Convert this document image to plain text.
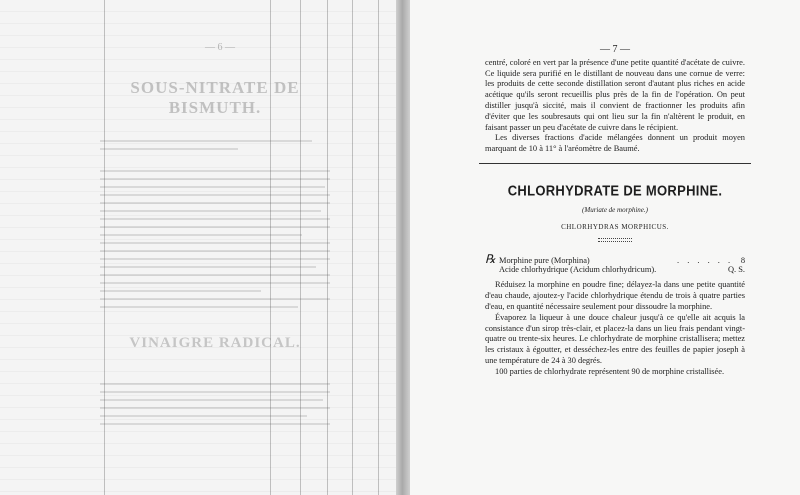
— 6 —
SOUS-NITRATE DE BISMUTH.
VINAIGRE RADICAL.
— 7 —

centré, coloré en vert par la présence d'une petite quantité d'acétate de cuivre. Ce liquide sera purifié en le distillant de nouveau dans une cornue de verre: les produits de cette seconde distillation seront d'autant plus riches en acide acétique qu'ils seront recueillis plus près de la fin de l'opération. On peut distiller jusqu'à siccité, mais il convient de fractionner les produits afin d'éviter que les soubresauts qui ont lieu sur la fin n'altèrent le produit, en faisant passer un peu d'acétate de cuivre dans le récipient.

Les diverses fractions d'acide mélangées donnent un produit moyen marquant de 10 à 11° à l'aréomètre de Baumé.

CHLORHYDRATE DE MORPHINE.
(Muriate de morphine.)
CHLORHYDRAS MORPHICUS.
℞ Morphine pure (Morphina)	. . . . . . 8
Acide chlorhydrique (Acidum chlorhydricum).	Q. S.

Réduisez la morphine en poudre fine; délayez-la dans une petite quantité d'eau chaude, ajoutez-y l'acide chlorhydrique étendu de trois à quatre parties d'eau, en quantité nécessaire seulement pour dissoudre la morphine.

Évaporez la liqueur à une douce chaleur jusqu'à ce qu'elle ait acquis la consistance d'un sirop très-clair, et placez-la dans un lieu frais pendant vingt-quatre ou trente-six heures. Le chlorhydrate de morphine cristallisera; mettez les cristaux à égoutter, et desséchez-les entre des feuilles de papier joseph à une température de 24 à 30 degrés.

100 parties de chlorhydrate représentent 90 de morphine cristallisée.
